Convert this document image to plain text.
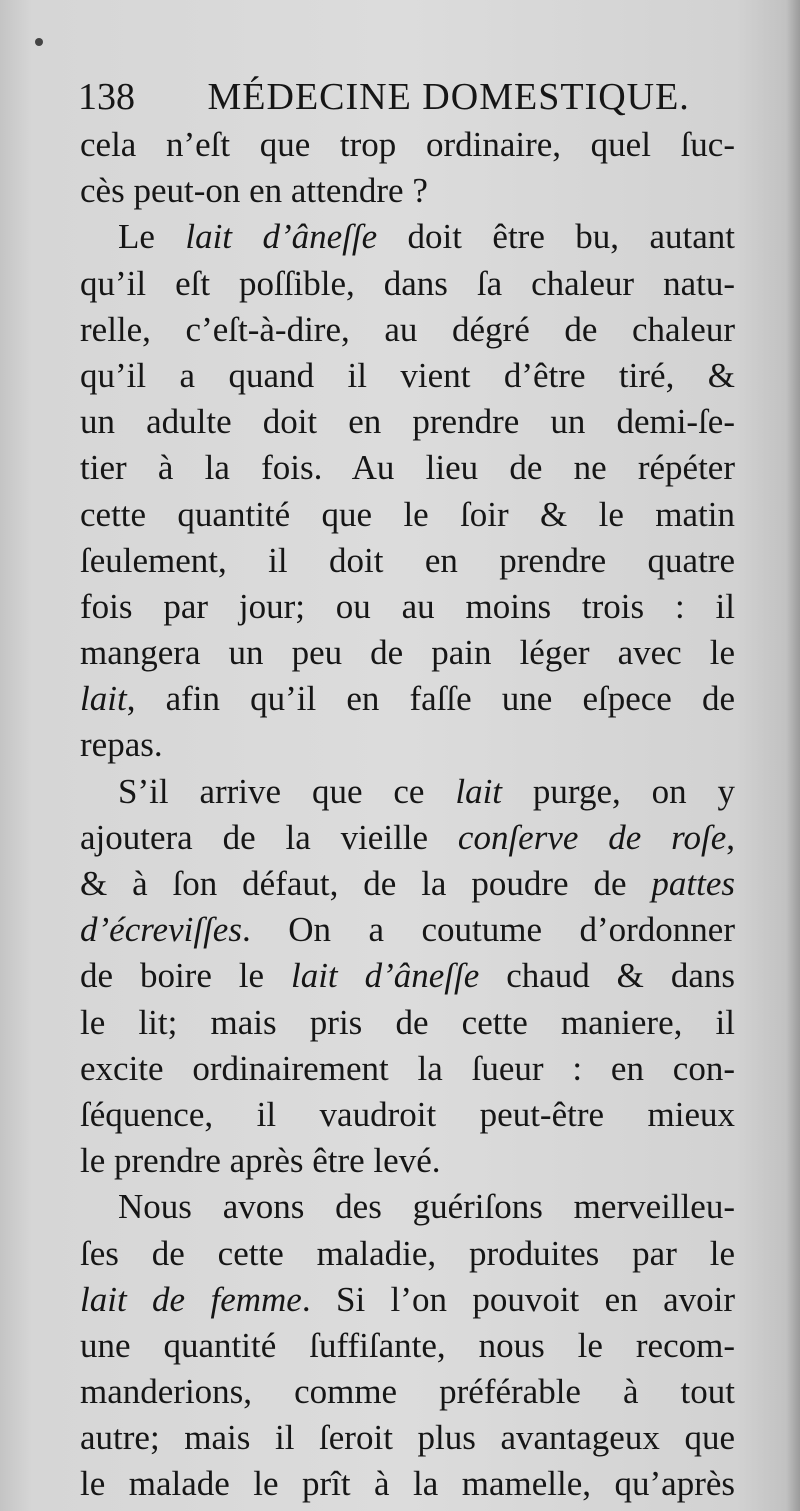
138 MÉDECINE DOMESTIQUE.
cela n’eſt que trop ordinaire, quel ſuc-
cès peut-on en attendre ?
Le lait d’âneſſe doit être bu, autant
qu’il eſt poſſible, dans ſa chaleur natu-
relle, c’eſt-à-dire, au dégré de chaleur
qu’il a quand il vient d’être tiré, &
un adulte doit en prendre un demi-ſe-
tier à la fois. Au lieu de ne répéter
cette quantité que le ſoir & le matin
ſeulement, il doit en prendre quatre
fois par jour; ou au moins trois : il
mangera un peu de pain léger avec le
lait, afin qu’il en faſſe une eſpece de
repas.
S’il arrive que ce lait purge, on y
ajoutera de la vieille conſerve de roſe,
& à ſon défaut, de la poudre de pattes
d’écreviſſes. On a coutume d’ordonner
de boire le lait d’âneſſe chaud & dans
le lit; mais pris de cette maniere, il
excite ordinairement la ſueur : en con-
ſéquence, il vaudroit peut-être mieux
le prendre après être levé.
Nous avons des guériſons merveilleu-
ſes de cette maladie, produites par le
lait de femme. Si l’on pouvoit en avoir
une quantité ſuffiſante, nous le recom-
manderions, comme préférable à tout
autre; mais il ſeroit plus avantageux que
le malade le prît à la mamelle, qu’après
